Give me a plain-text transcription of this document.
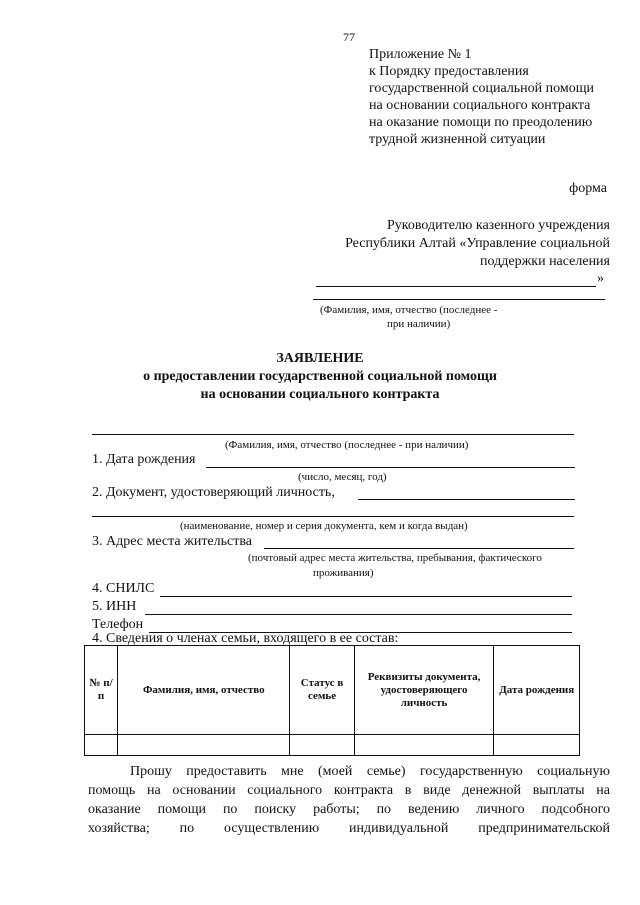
77
Приложение № 1
к Порядку предоставления
государственной социальной помощи
на основании социального контракта
на оказание помощи по преодолению
трудной жизненной ситуации
форма
Руководителю казенного учреждения
Республики Алтай «Управление социальной
поддержки населения
»
(Фамилия, имя, отчество (последнее -
при наличии)
ЗАЯВЛЕНИЕ
о предоставлении государственной социальной помощи
на основании социального контракта
(Фамилия, имя, отчество (последнее - при наличии)
1. Дата рождения
(число, месяц, год)
2. Документ, удостоверяющий личность,
(наименование, номер и серия документа, кем и когда выдан)
3. Адрес места жительства
(почтовый адрес места жительства, пребывания, фактического
проживания)
4. СНИЛС
5. ИНН
Телефон
4. Сведения о членах семьи, входящего в ее состав:
№ п/п	Фамилия, имя, отчество	Статус в семье	Реквизиты документа, удостоверяющего личность	Дата рождения

Прошу предоставить мне (моей семье) государственную социальную
помощь на основании социального контракта в виде денежной выплаты на
оказание помощи по поиску работы; по ведению личного подсобного
хозяйства; по осуществлению индивидуальной предпринимательской
